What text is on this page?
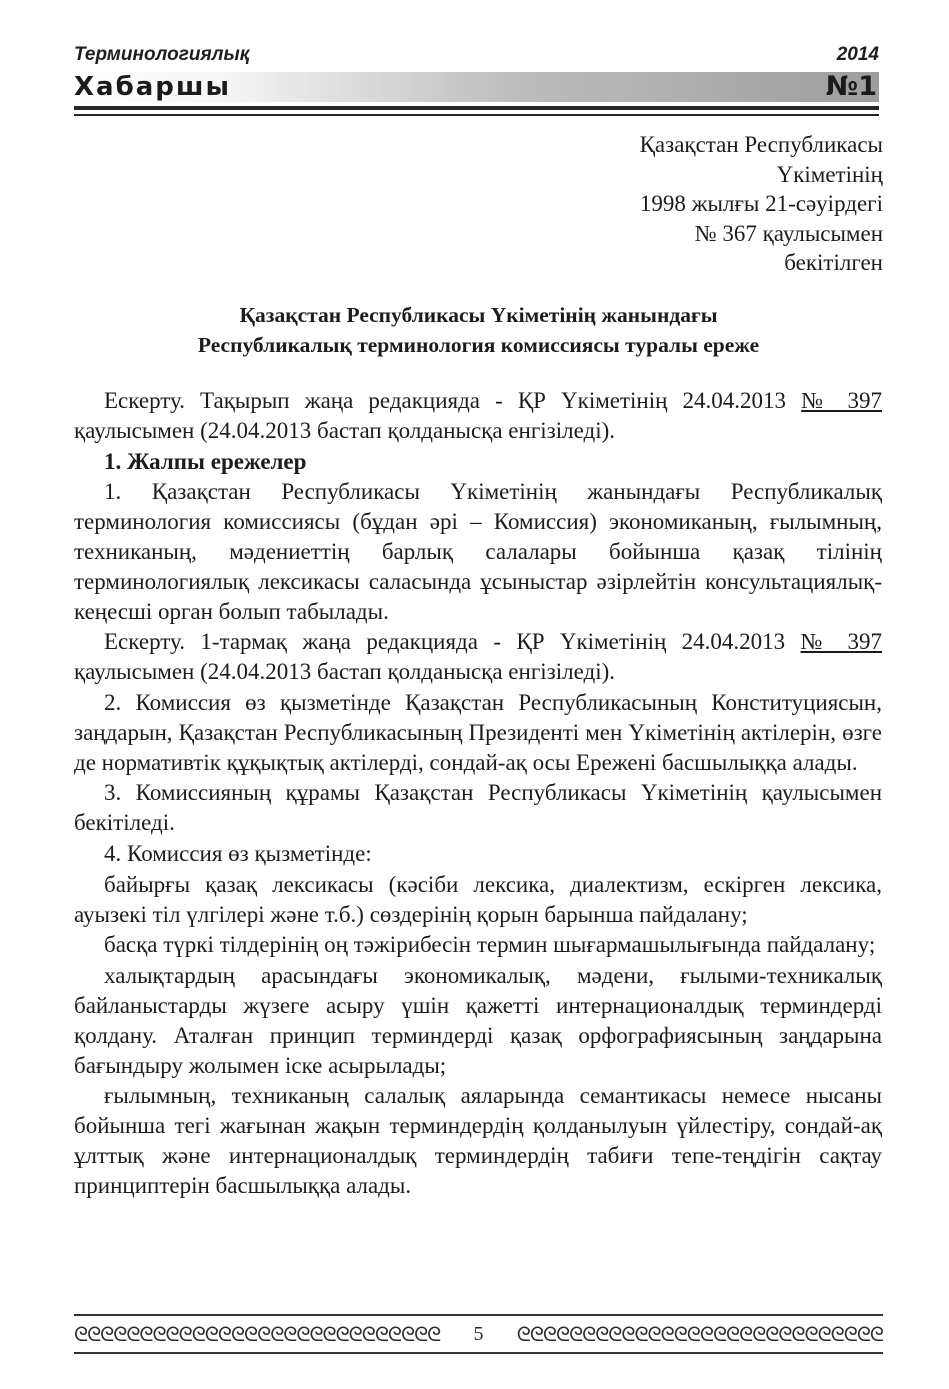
Терминологиялық	2014
Хабаршы	№1
Қазақстан Республикасы
Үкіметінің
1998 жылғы 21-сәуірдегі
№ 367 қаулысымен
бекітілген
Қазақстан Республикасы Үкіметінің жанындағы
Республикалық терминология комиссиясы туралы ереже

Ескерту. Тақырып жаңа редакцияда - ҚР Үкіметінің 24.04.2013 № 397 қаулысымен (24.04.2013 бастап қолданысқа енгізіледі).

1. Жалпы ережелер

1. Қазақстан Республикасы Үкіметінің жанындағы Республикалық терминология комиссиясы (бұдан әрі – Комиссия) экономиканың, ғылымның, техниканың, мәдениеттің барлық салалары бойынша қазақ тілінің терминологиялық лексикасы саласында ұсыныстар әзірлейтін консультациялық-кеңесші орган болып табылады.

Ескерту. 1-тармақ жаңа редакцияда - ҚР Үкіметінің 24.04.2013 № 397 қаулысымен (24.04.2013 бастап қолданысқа енгізіледі).

2. Комиссия өз қызметінде Қазақстан Республикасының Конституциясын, заңдарын, Қазақстан Республикасының Президенті мен Үкіметінің актілерін, өзге де нормативтік құқықтық актілерді, сондай-ақ осы Ережені басшылыққа алады.

3. Комиссияның құрамы Қазақстан Республикасы Үкіметінің қаулысымен бекітіледі.

4. Комиссия өз қызметінде:

байырғы қазақ лексикасы (кәсіби лексика, диалектизм, ескірген лексика, ауызекі тіл үлгілері және т.б.) сөздерінің қорын барынша пайдалану;

басқа түркі тілдерінің оң тәжірибесін термин шығармашылығында пайдалану;

халықтардың арасындағы экономикалық, мәдени, ғылыми-техникалық байланыстарды жүзеге асыру үшін қажетті интернационалдық терминдерді қолдану. Аталған принцип терминдерді қазақ орфографиясының заңдарына бағындыру жолымен іске асырылады;

ғылымның, техниканың салалық аяларында семантикасы немесе нысаны бойынша тегі жағынан жақын терминдердің қолданылуын үйлестіру, сондай-ақ ұлттық және интернационалдық терминдердің табиғи тепе-теңдігін сақтау принциптерін басшылыққа алады.

ᘓᘓᘓᘓᘓᘓᘓᘓᘓᘓᘓᘓᘓᘓᘓᘓᘓᘓᘓᘓᘓᘓᘓᘓᘓᘓᘓᘓ	5	ᘓᘓᘓᘓᘓᘓᘓᘓᘓᘓᘓᘓᘓᘓᘓᘓᘓᘓᘓᘓᘓᘓᘓᘓᘓᘓᘓᘓ
